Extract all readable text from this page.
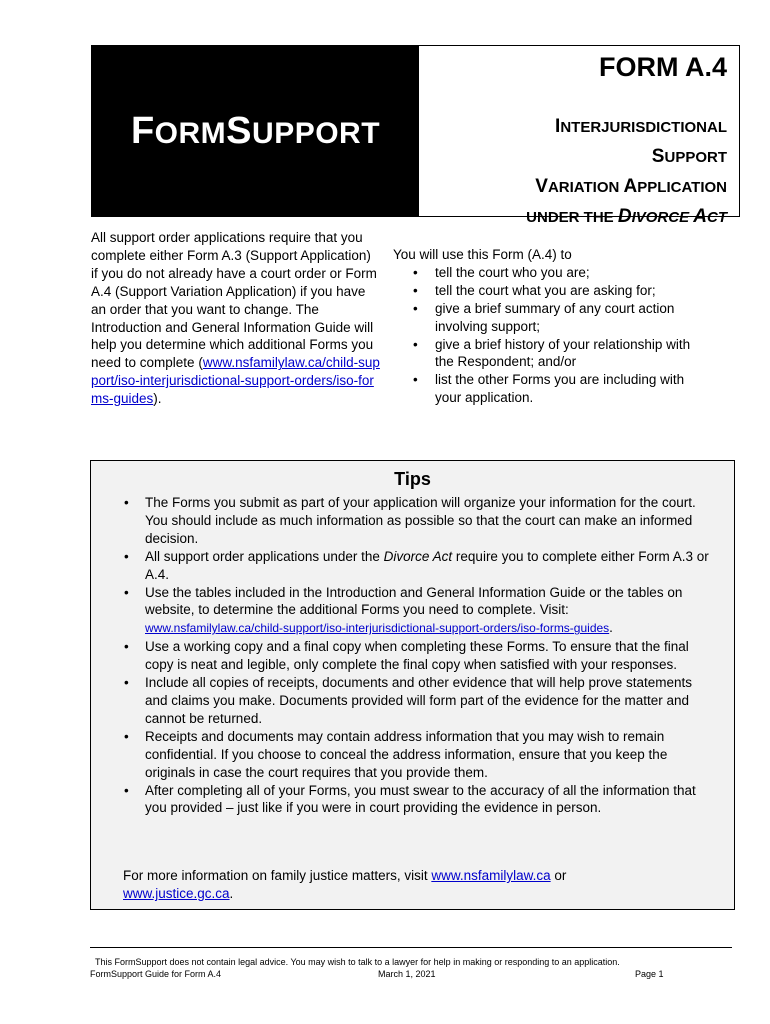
FORMSUPPORT
FORM A.4
INTERJURISDICTIONAL
SUPPORT
VARIATION APPLICATION
UNDER THE DIVORCE ACT
All support order applications require that you complete either Form A.3 (Support Application) if you do not already have a court order or Form A.4 (Support Variation Application) if you have an order that you want to change. The Introduction and General Information Guide will help you determine which additional Forms you need to complete (www.nsfamilylaw.ca/child-support/iso-interjurisdictional-support-orders/iso-forms-guides).
You will use this Form (A.4) to
• tell the court who you are;
• tell the court what you are asking for;
• give a brief summary of any court action involving support;
• give a brief history of your relationship with the Respondent; and/or
• list the other Forms you are including with your application.
Tips
• The Forms you submit as part of your application will organize your information for the court. You should include as much information as possible so that the court can make an informed decision.
• All support order applications under the Divorce Act require you to complete either Form A.3 or A.4.
• Use the tables included in the Introduction and General Information Guide or the tables on website, to determine the additional Forms you need to complete. Visit:
www.nsfamilylaw.ca/child-support/iso-interjurisdictional-support-orders/iso-forms-guides.
• Use a working copy and a final copy when completing these Forms. To ensure that the final copy is neat and legible, only complete the final copy when satisfied with your responses.
• Include all copies of receipts, documents and other evidence that will help prove statements and claims you make. Documents provided will form part of the evidence for the matter and cannot be returned.
• Receipts and documents may contain address information that you may wish to remain confidential. If you choose to conceal the address information, ensure that you keep the originals in case the court requires that you provide them.
• After completing all of your Forms, you must swear to the accuracy of all the information that you provided – just like if you were in court providing the evidence in person.
For more information on family justice matters, visit www.nsfamilylaw.ca or
www.justice.gc.ca.
This FormSupport does not contain legal advice. You may wish to talk to a lawyer for help in making or responding to an application.
FormSupport Guide for Form A.4	March 1, 2021	Page 1
